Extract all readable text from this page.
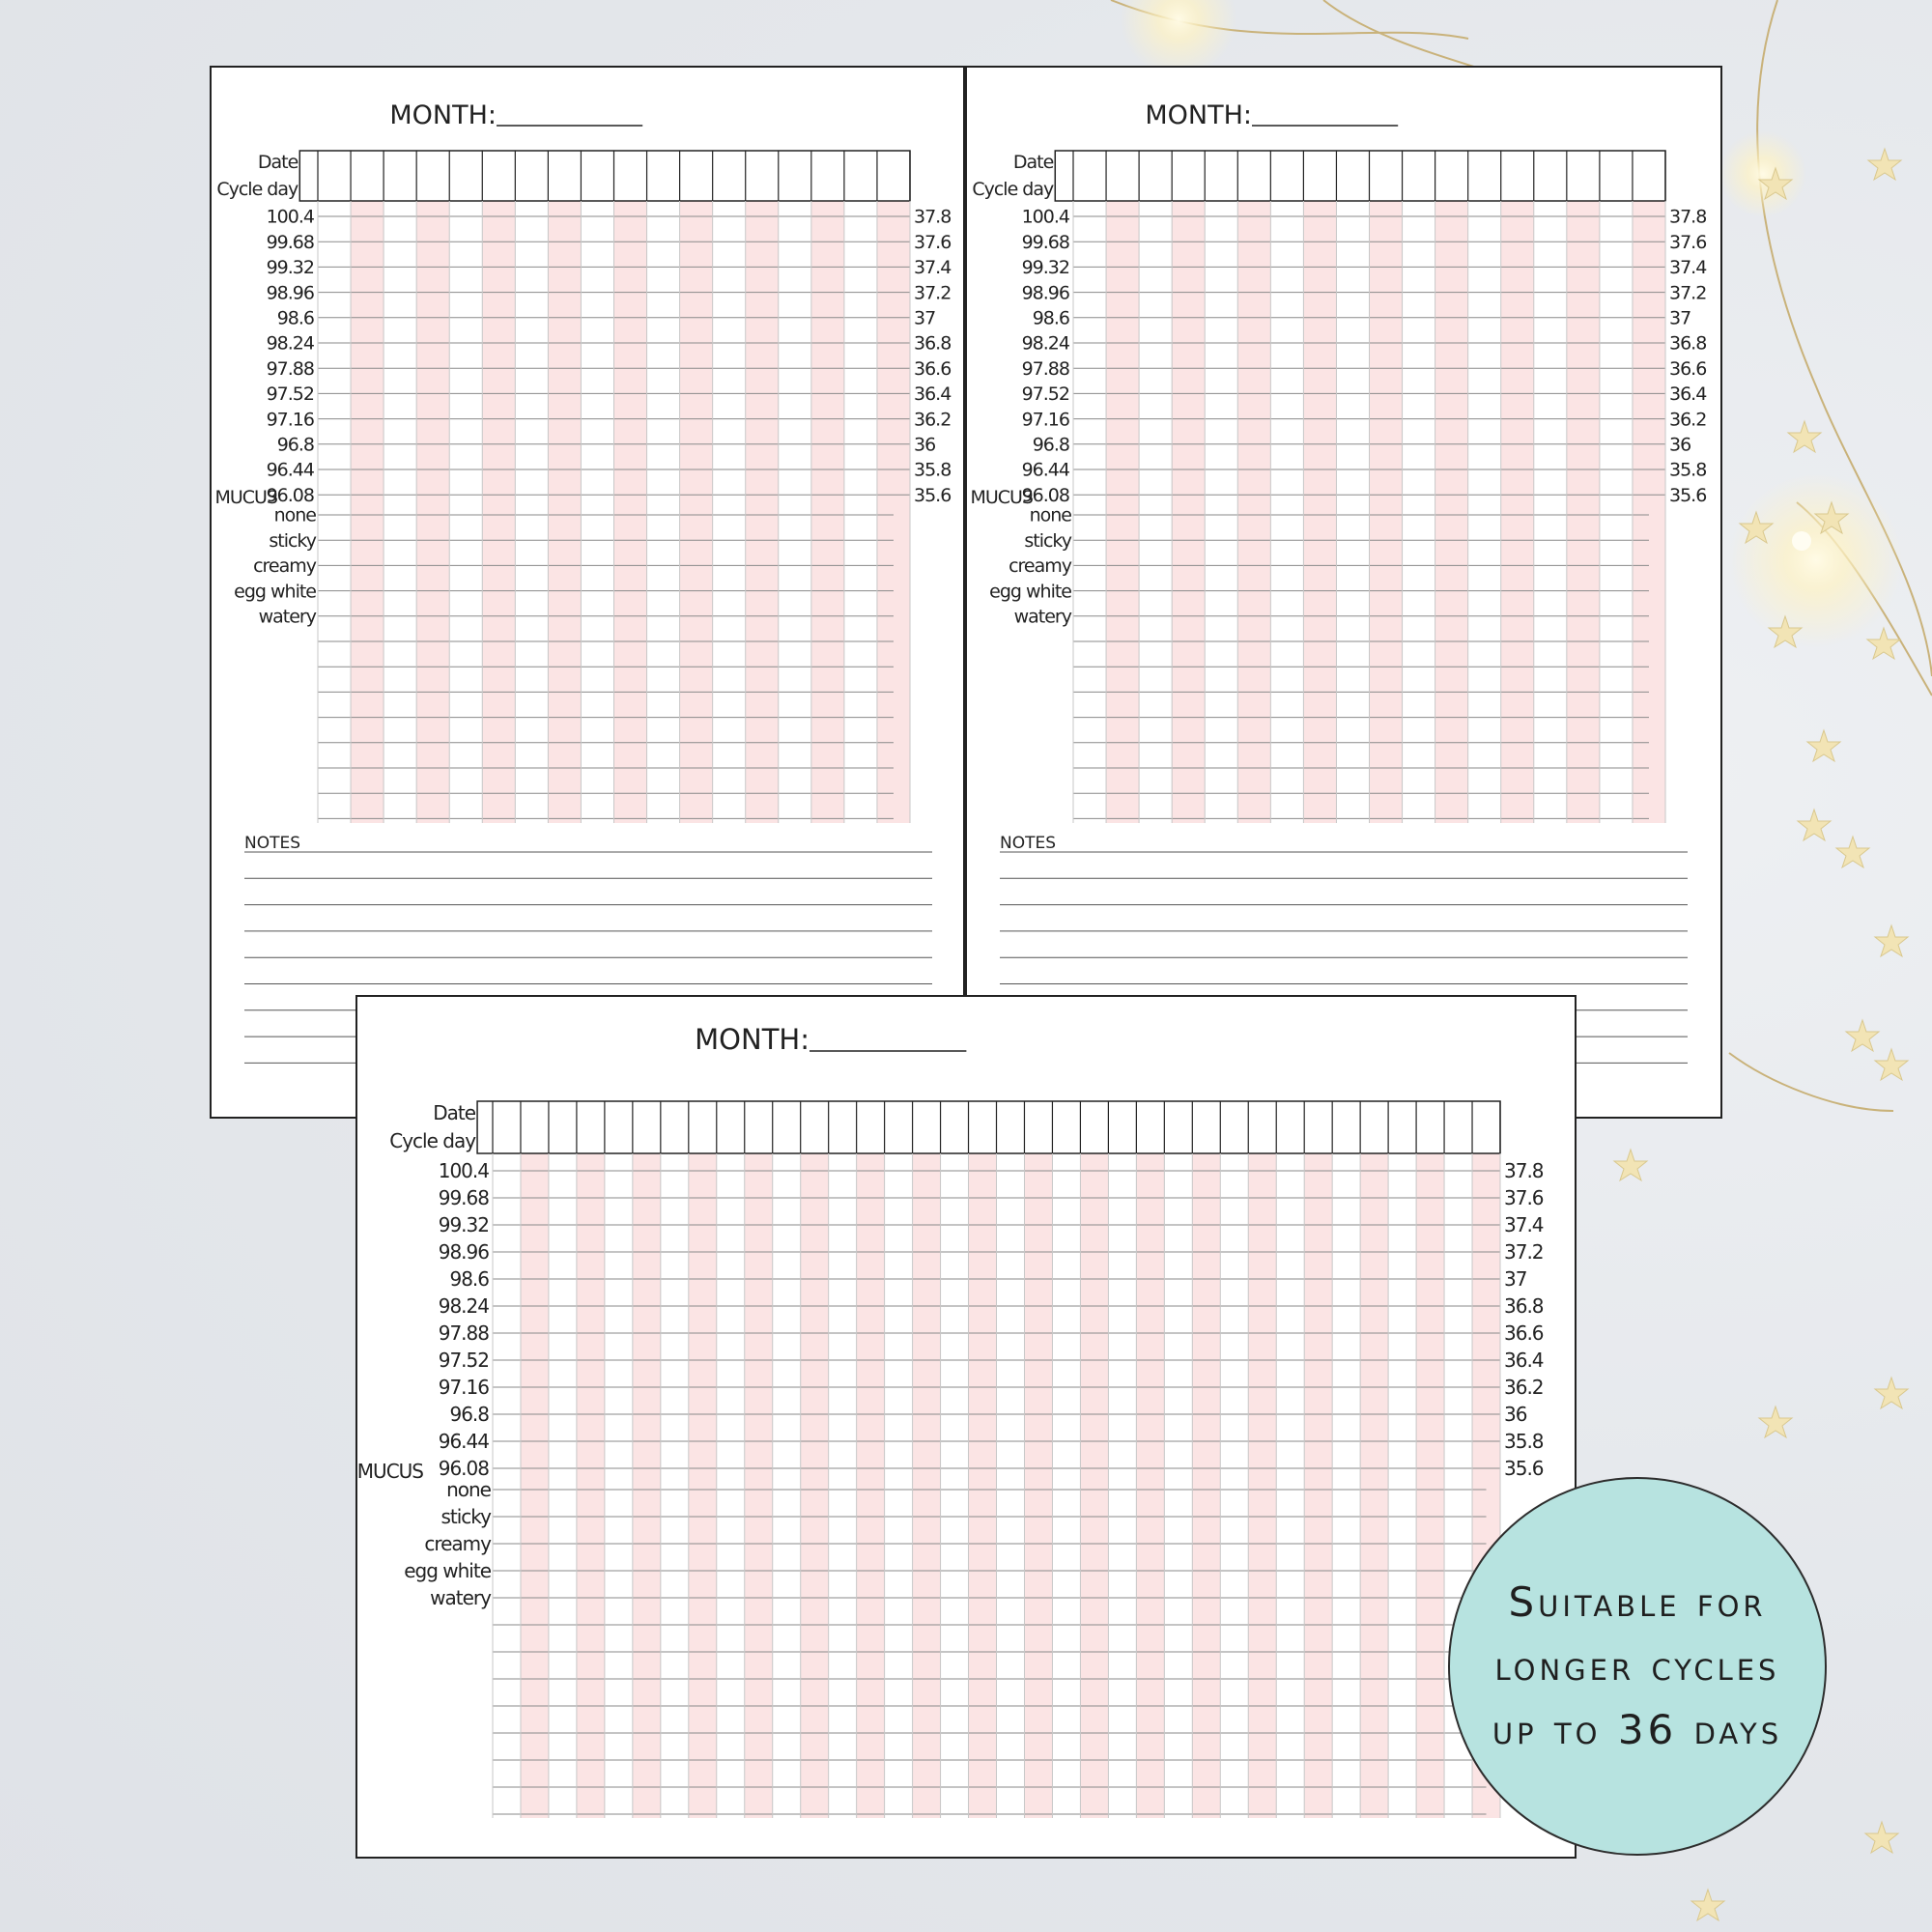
MONTH:
Date
Cycle day
100.4	37.8
99.68	37.6
99.32	37.4
98.96	37.2
98.6	37
98.24	36.8
97.88	36.6
97.52	36.4
97.16	36.2
96.8	36
96.44	35.8
96.08	35.6
MUCUS
none
sticky
creamy
egg white
watery
NOTES
MONTH:
Date
Cycle day
100.4	37.8
99.68	37.6
99.32	37.4
98.96	37.2
98.6	37
98.24	36.8
97.88	36.6
97.52	36.4
97.16	36.2
96.8	36
96.44	35.8
96.08	35.6
MUCUS
none
sticky
creamy
egg white
watery
NOTES
MONTH:
Date
Cycle day
100.4	37.8
99.68	37.6
99.32	37.4
98.96	37.2
98.6	37
98.24	36.8
97.88	36.6
97.52	36.4
97.16	36.2
96.8	36
96.44	35.8
96.08	35.6
MUCUS
none
sticky
creamy
egg white
watery	Suitable for longer cycles up to 36 days
